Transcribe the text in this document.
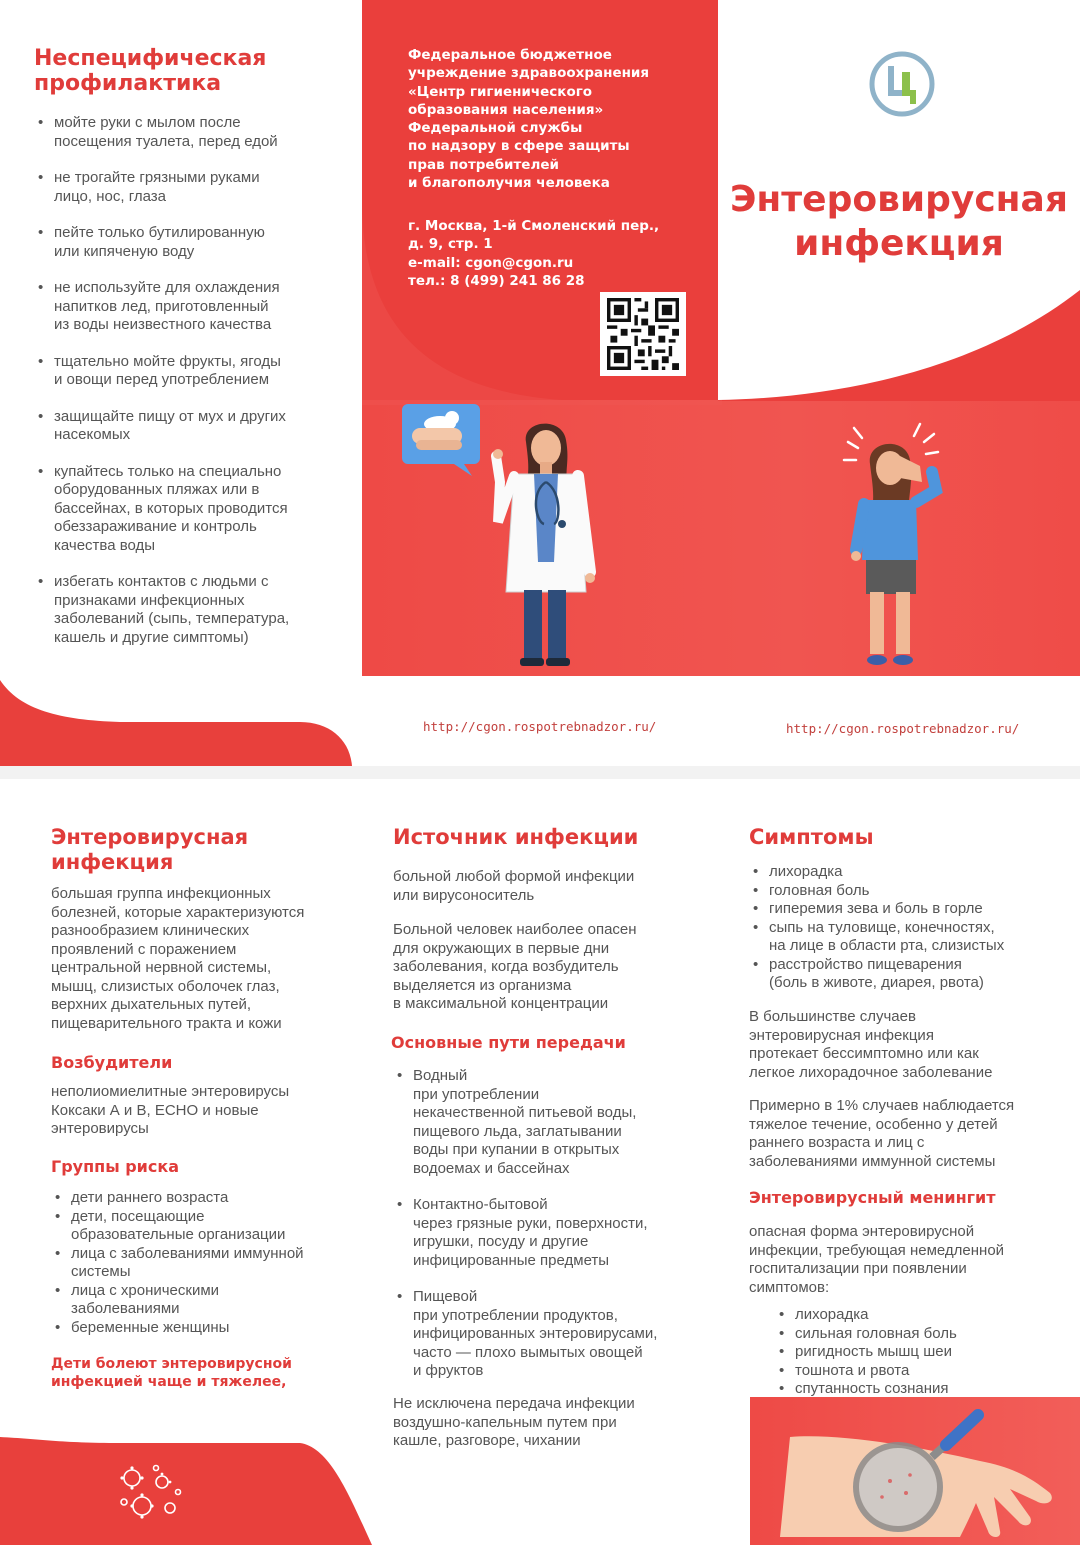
Неспецифическая
профилактика
• мойте руки с мылом после
посещения туалета, перед едой
• не трогайте грязными руками
лицо, нос, глаза
• пейте только бутилированную
или кипяченую воду
• не используйте для охлаждения
напитков лед, приготовленный
из воды неизвестного качества
• тщательно мойте фрукты, ягоды
и овощи перед употреблением
• защищайте пищу от мух и других
насекомых
• купайтесь только на специально
оборудованных пляжах или в
бассейнах, в которых проводится
обеззараживание и контроль
качества воды
• избегать контактов с людьми с
признаками инфекционных
заболеваний (сыпь, температура,
кашель и другие симптомы)
Федеральное бюджетное
учреждение здравоохранения
«Центр гигиенического
образования населения»
Федеральной службы
по надзору в сфере защиты
прав потребителей
и благополучия человека
г. Москва, 1-й Смоленский пер.,
д. 9, стр. 1
e-mail: cgon@cgon.ru
тел.: 8 (499) 241 86 28
Энтеровирусная
инфекция
http://cgon.rospotrebnadzor.ru/	http://cgon.rospotrebnadzor.ru/
Энтеровирусная
инфекция
большая группа инфекционных
болезней, которые характеризуются
разнообразием клинических
проявлений с поражением
центральной нервной системы,
мышц, слизистых оболочек глаз,
верхних дыхательных путей,
пищеварительного тракта и кожи
Возбудители
неполиомиелитные энтеровирусы
Коксаки А и В, ECHO и новые
энтеровирусы
Группы риска
• дети раннего возраста
• дети, посещающие
образовательные организации
• лица с заболеваниями иммунной
системы
• лица с хроническими
заболеваниями
• беременные женщины
Дети болеют энтеровирусной
инфекцией чаще и тяжелее,
Источник инфекции
больной любой формой инфекции
или вирусоноситель
Больной человек наиболее опасен
для окружающих в первые дни
заболевания, когда возбудитель
выделяется из организма
в максимальной концентрации
Основные пути передачи
• Водный
при употреблении
некачественной питьевой воды,
пищевого льда, заглатывании
воды при купании в открытых
водоемах и бассейнах
• Контактно-бытовой
через грязные руки, поверхности,
игрушки, посуду и другие
инфицированные предметы
• Пищевой
при употреблении продуктов,
инфицированных энтеровирусами,
часто — плохо вымытых овощей
и фруктов
Не исключена передача инфекции
воздушно-капельным путем при
кашле, разговоре, чихании
Симптомы
• лихорадка
• головная боль
• гиперемия зева и боль в горле
• сыпь на туловище, конечностях,
на лице в области рта, слизистых
• расстройство пищеварения
(боль в животе, диарея, рвота)
В большинстве случаев
энтеровирусная инфекция
протекает бессимптомно или как
легкое лихорадочное заболевание
Примерно в 1% случаев наблюдается
тяжелое течение, особенно у детей
раннего возраста и лиц с
заболеваниями иммунной системы
Энтеровирусный менингит
опасная форма энтеровирусной
инфекции, требующая немедленной
госпитализации при появлении
симптомов:
• лихорадка
• сильная головная боль
• ригидность мышц шеи
• тошнота и рвота
• спутанность сознания
